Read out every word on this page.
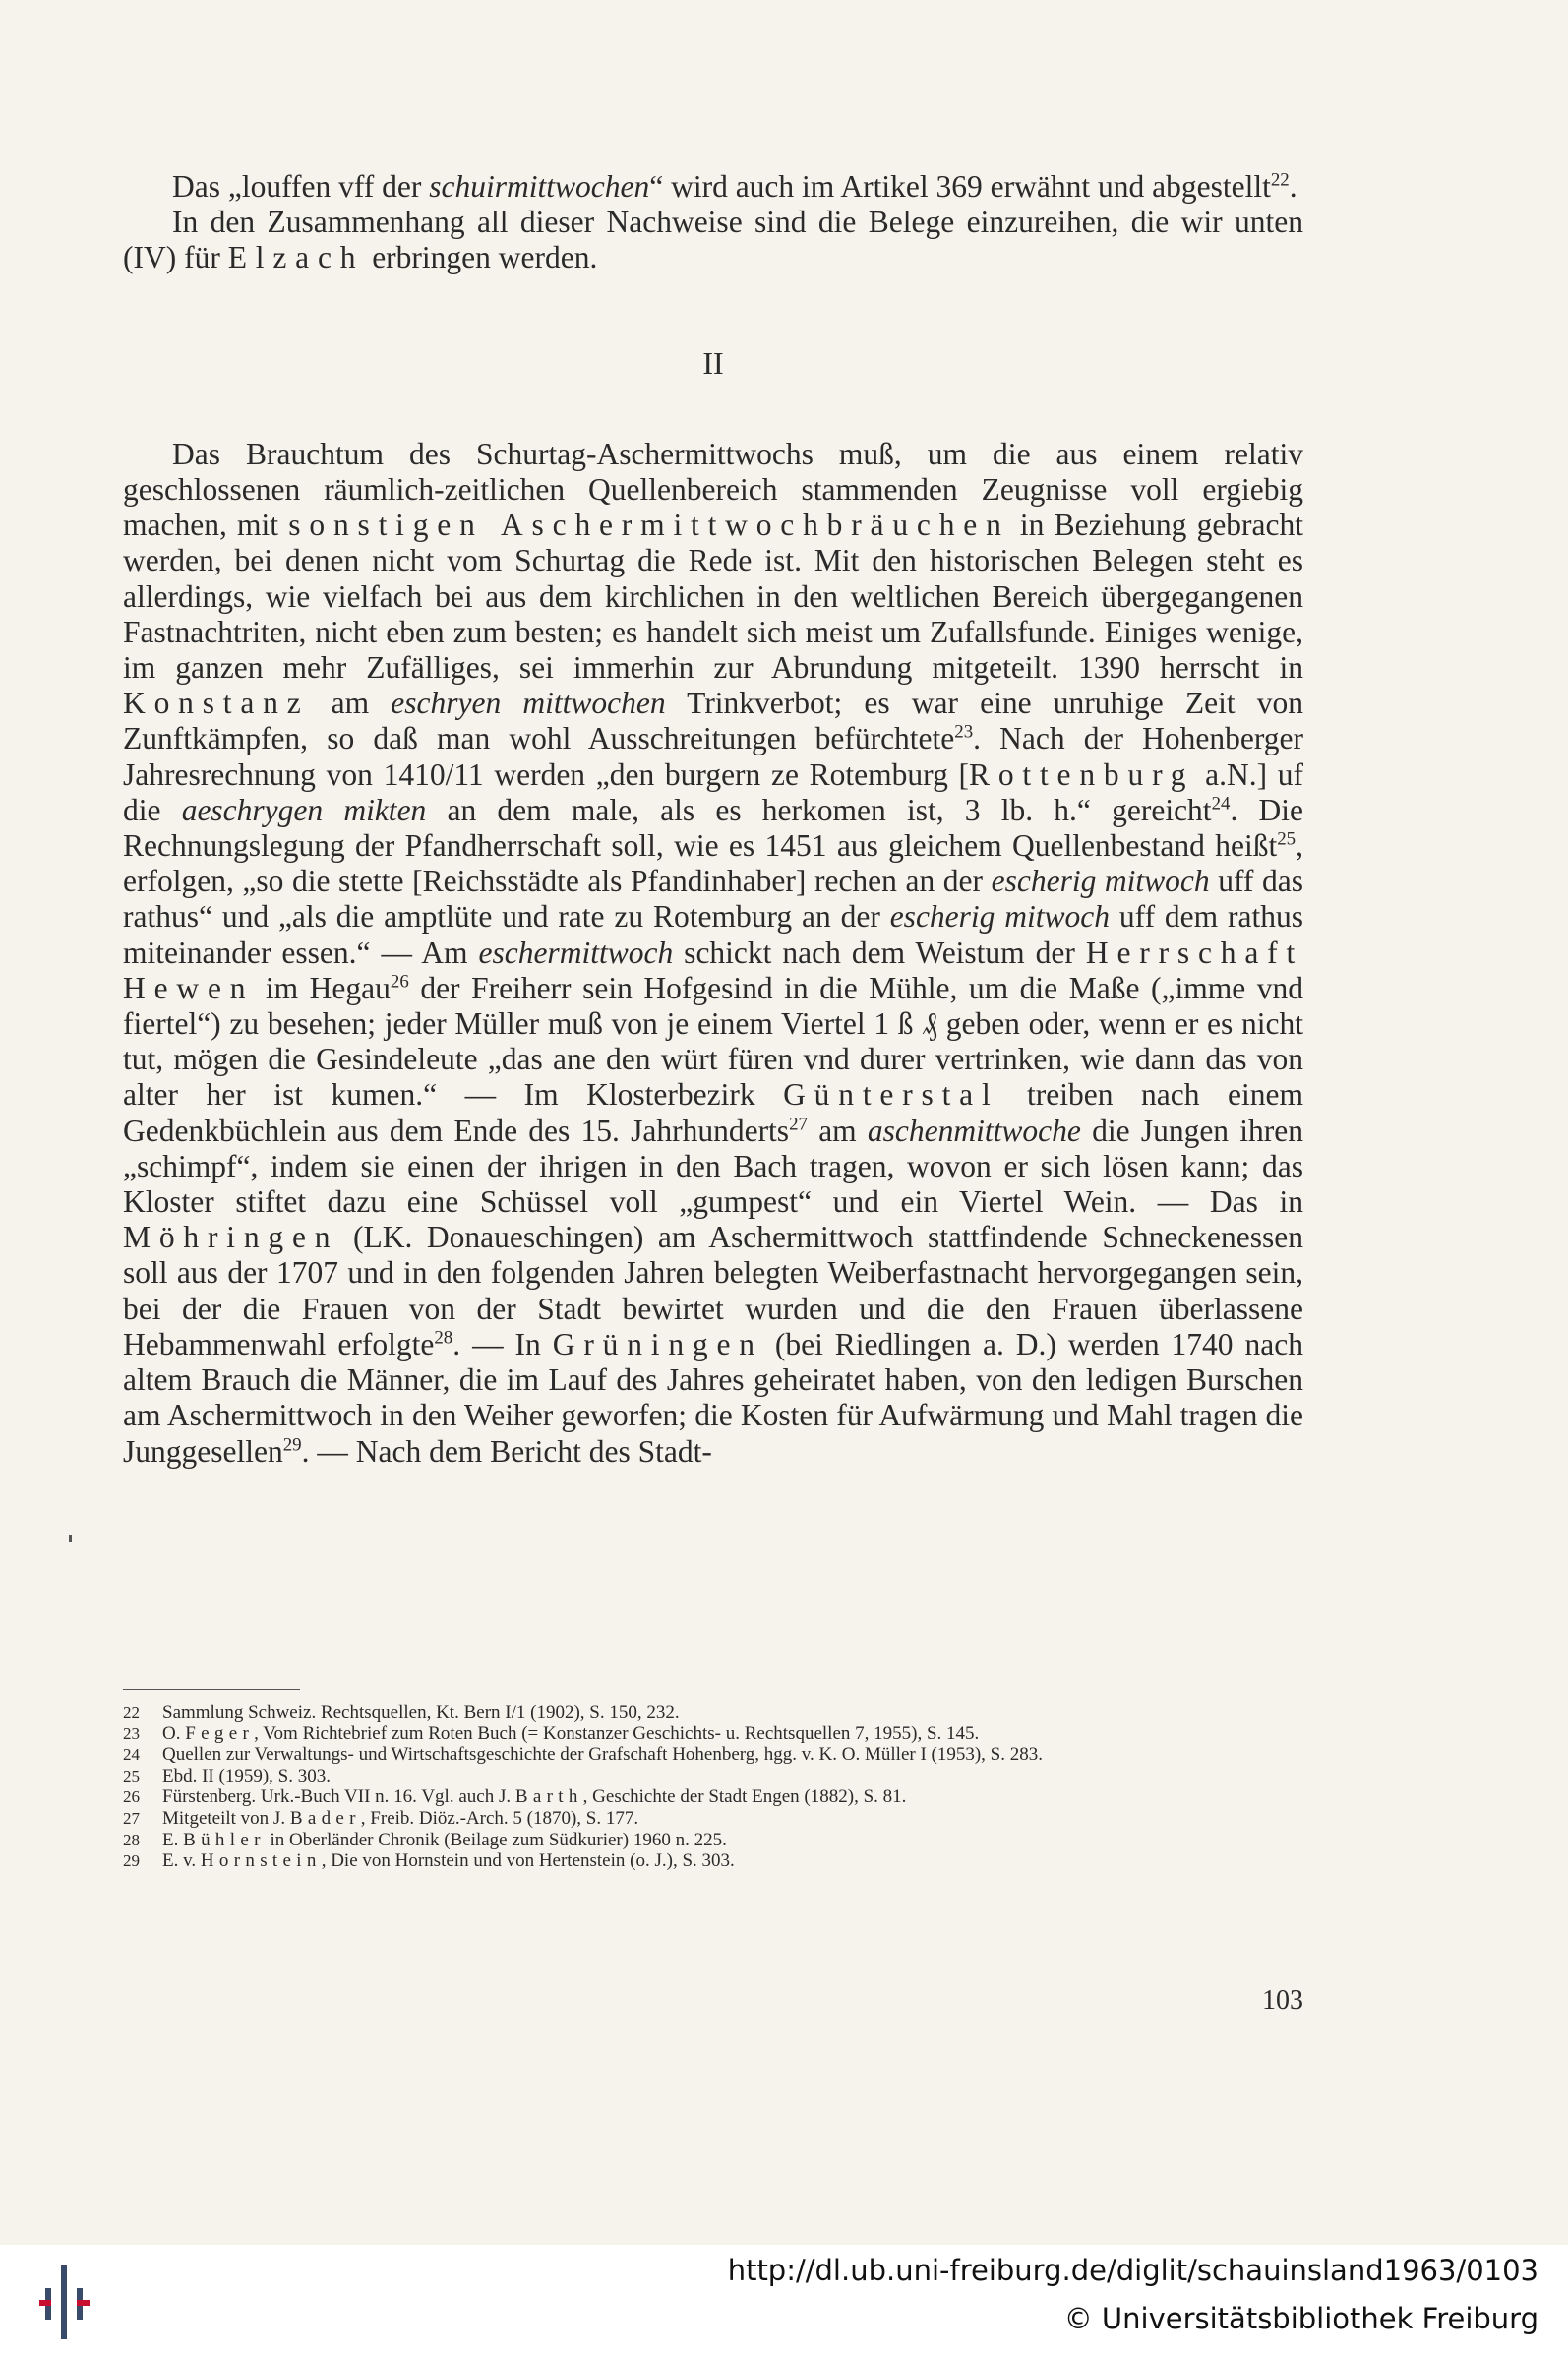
Das „louffen vff der schuirmittwochen“ wird auch im Artikel 369 erwähnt und abgestellt$^{22}$.

In den Zusammenhang all dieser Nachweise sind die Belege einzureihen, die wir unten (IV) für Elzach erbringen werden.

II

Das Brauchtum des Schurtag-Aschermittwochs muß, um die aus einem relativ geschlossenen räumlich-zeitlichen Quellenbereich stammenden Zeugnisse voll ergiebig machen, mit sonstigen Aschermittwochbräuchen in Beziehung gebracht werden, bei denen nicht vom Schurtag die Rede ist. Mit den historischen Belegen steht es allerdings, wie vielfach bei aus dem kirchlichen in den weltlichen Bereich übergegangenen Fastnachtriten, nicht eben zum besten; es handelt sich meist um Zufallsfunde. Einiges wenige, im ganzen mehr Zufälliges, sei immerhin zur Abrundung mitgeteilt. 1390 herrscht in Konstanz am eschryen mittwochen Trinkverbot; es war eine unruhige Zeit von Zunftkämpfen, so daß man wohl Ausschreitungen befürchtete$^{23}$. Nach der Hohenberger Jahresrechnung von 1410/11 werden „den burgern ze Rotemburg [Rottenburg a.N.] uf die aeschrygen mikten an dem male, als es herkomen ist, 3 lb. h.“ gereicht$^{24}$. Die Rechnungslegung der Pfandherrschaft soll, wie es 1451 aus gleichem Quellenbestand heißt$^{25}$, erfolgen, „so die stette [Reichsstädte als Pfandinhaber] rechen an der escherig mitwoch uff das rathus“ und „als die amptlüte und rate zu Rotemburg an der escherig mitwoch uff dem rathus miteinander essen.“ — Am eschermittwoch schickt nach dem Weistum der Herrschaft Hewen im Hegau$^{26}$ der Freiherr sein Hofgesind in die Mühle, um die Maße („imme vnd fiertel“) zu besehen; jeder Müller muß von je einem Viertel 1 ß ₰ geben oder, wenn er es nicht tut, mögen die Gesindeleute „das ane den würt füren vnd durer vertrinken, wie dann das von alter her ist kumen.“ — Im Klosterbezirk Günterstal treiben nach einem Gedenkbüchlein aus dem Ende des 15. Jahrhunderts$^{27}$ am aschenmittwoche die Jungen ihren „schimpf“, indem sie einen der ihrigen in den Bach tragen, wovon er sich lösen kann; das Kloster stiftet dazu eine Schüssel voll „gumpest“ und ein Viertel Wein. — Das in Möhringen (LK. Donaueschingen) am Aschermittwoch stattfindende Schneckenessen soll aus der 1707 und in den folgenden Jahren belegten Weiberfastnacht hervorgegangen sein, bei der die Frauen von der Stadt bewirtet wurden und die den Frauen überlassene Hebammenwahl erfolgte$^{28}$. — In Grüningen (bei Riedlingen a. D.) werden 1740 nach altem Brauch die Männer, die im Lauf des Jahres geheiratet haben, von den ledigen Burschen am Aschermittwoch in den Weiher geworfen; die Kosten für Aufwärmung und Mahl tragen die Junggesellen$^{29}$. — Nach dem Bericht des Stadt-

22	Sammlung Schweiz. Rechtsquellen, Kt. Bern I/1 (1902), S. 150, 232.
23	O. Feger, Vom Richtebrief zum Roten Buch (= Konstanzer Geschichts- u. Rechtsquellen 7, 1955), S. 145.
24	Quellen zur Verwaltungs- und Wirtschaftsgeschichte der Grafschaft Hohenberg, hgg. v. K. O. Müller I (1953), S. 283.
25	Ebd. II (1959), S. 303.
26	Fürstenberg. Urk.-Buch VII n. 16. Vgl. auch J. Barth, Geschichte der Stadt Engen (1882), S. 81.
27	Mitgeteilt von J. Bader, Freib. Diöz.-Arch. 5 (1870), S. 177.
28	E. Bühler in Oberländer Chronik (Beilage zum Südkurier) 1960 n. 225.
29	E. v. Hornstein, Die von Hornstein und von Hertenstein (o. J.), S. 303.
103
http://dl.ub.uni-freiburg.de/diglit/schauinsland1963/0103
© Universitätsbibliothek Freiburg
